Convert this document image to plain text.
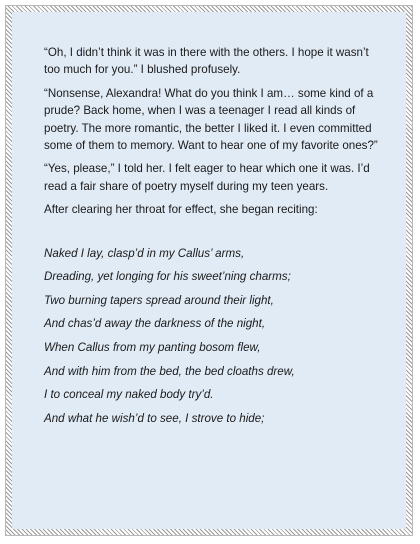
“Oh, I didn’t think it was in there with the others. I hope it wasn’t too much for you.” I blushed profusely.

“Nonsense, Alexandra! What do you think I am… some kind of a prude? Back home, when I was a teenager I read all kinds of poetry. The more romantic, the better I liked it. I even committed some of them to memory. Want to hear one of my favorite ones?”

“Yes, please,” I told her. I felt eager to hear which one it was. I’d read a fair share of poetry myself during my teen years.

After clearing her throat for effect, she began reciting:

Naked I lay, clasp’d in my Callus’ arms,

Dreading, yet longing for his sweet’ning charms;

Two burning tapers spread around their light,

And chas’d away the darkness of the night,

When Callus from my panting bosom flew,

And with him from the bed, the bed cloaths drew,

I to conceal my naked body try’d.

And what he wish’d to see, I strove to hide;
